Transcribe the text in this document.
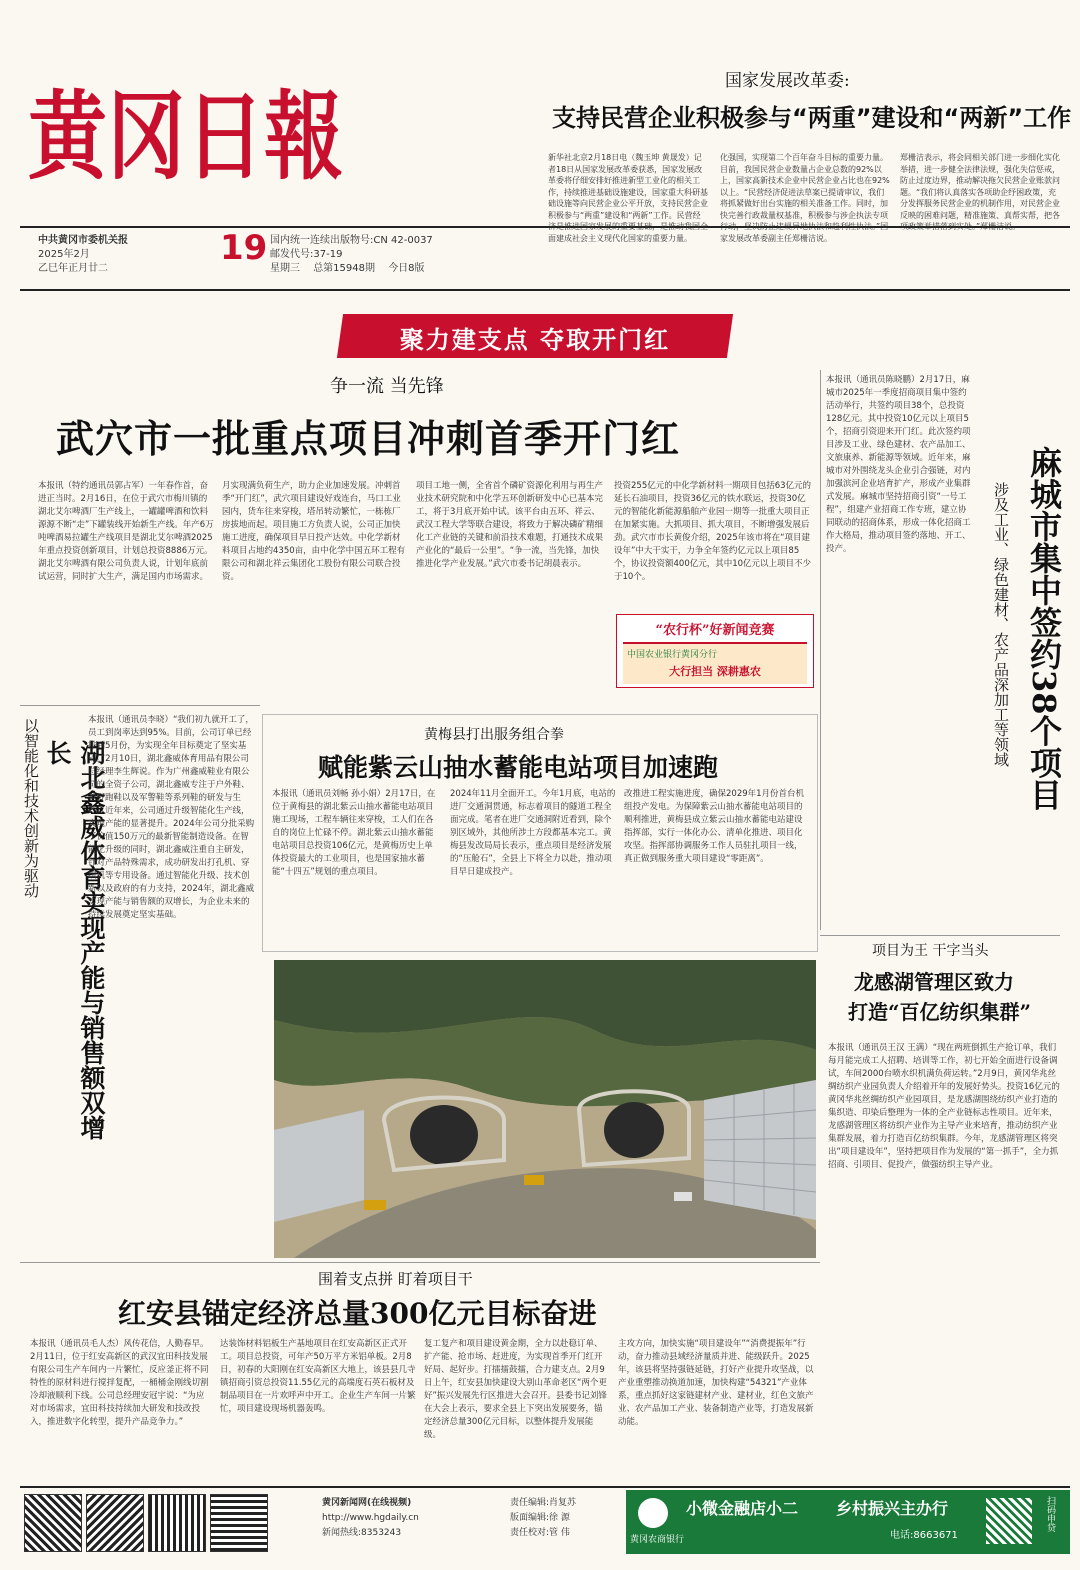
黄冈日報
中共黄冈市委机关报
2025年2月
乙巳年正月廿二
19 国内统一连续出版物号:CN 42-0037
邮发代号:37-19
星期三 总第15948期 今日8版
国家发展改革委:
支持民营企业积极参与“两重”建设和“两新”工作
新华社北京2月18日电（魏玉坤 黄晟发）记者18日从国家发展改革委获悉，国家发展改革委将仔细安排好推进新型工业化的相关工作，持续推进基础设施建设，国家重大科研基础设施等向民营企业公平开放，支持民营企业积极参与“两重”建设和“两新”工作。民营经济是推进国家发展的重要基础，是推动我国全面建成社会主义现代化国家的重要力量。
化强国，实现第二个百年奋斗目标的重要力量。目前，我国民营企业数量占企业总数的92%以上，国家高新技术企业中民营企业占比也在92%以上。“民营经济促进法草案已提请审议，我们将抓紧做好出台实施的相关准备工作。同时，加快完善行政裁量权基准，积极参与涉企执法专项行动，坚决防止违规异地执法和趋利性执法。”国家发展改革委副主任郑栅洁说。
郑栅洁表示，将会同相关部门进一步细化实化举措，进一步健全法律法规，强化失信惩戒，防止过度边界，推动解决拖欠民营企业账款问题。“我们将认真落实各项助企纾困政策，充分发挥服务民营企业的机制作用，对民营企业反映的困难问题，精准施策、真帮实帮，把各项政策举措落到实处。”郑栅洁说。
聚力建支点 夺取开门红
争一流 当先锋
武穴市一批重点项目冲刺首季开门红
本报讯（特约通讯员郭占军）一年春作首，奋进正当时。2月16日，在位于武穴市梅川镇的湖北艾尔啤酒厂生产线上，一罐罐啤酒和饮料源源不断“走”下罐装线开始新生产线。年产6万吨啤酒易拉罐生产线项目是湖北艾尔啤酒2025年重点投资创新项目，计划总投资8886万元。湖北艾尔啤酒有限公司负责人说，计划年底前试运营，同时扩大生产，满足国内市场需求。
月实现满负荷生产，助力企业加速发展。冲刺首季“开门红”，武穴项目建设好戏连台，马口工业园内，货车往来穿梭，塔吊转动繁忙，一栋栋厂房拔地而起。项目施工方负责人说，公司正加快施工进度，确保项目早日投产达效。中化学新材料项目占地约4350亩，由中化学中国五环工程有限公司和湖北祥云集团化工股份有限公司联合投资。
项目工地一侧，全省首个磷矿资源化利用与再生产业技术研究院和中化学五环创新研发中心已基本完工，将于3月底开始中试。该平台由五环、祥云、武汉工程大学等联合建设，将致力于解决磷矿精细化工产业链的关键和前沿技术难题，打通技术成果产业化的“最后一公里”。“争一流，当先锋，加快推进化学产业发展。”武穴市委书记胡晨表示。
投资255亿元的中化学新材料一期项目包括63亿元的延长石油项目，投资36亿元的铁水联运，投资30亿元的智能化新能源船舶产业园一期等一批重大项目正在加紧实施。大抓项目、抓大项目，不断增强发展后劲。武穴市市长黄俊介绍，2025年该市将在“项目建设年”中大干实干，力争全年签约亿元以上项目85个，协议投资额400亿元，其中10亿元以上项目不少于10个。
“农行杯”好新闻竞赛
中国农业银行黄冈分行
大行担当 深耕惠农
本报讯（通讯员陈晓鹏）2月17日，麻城市2025年一季度招商项目集中签约活动举行，共签约项目38个，总投资128亿元。其中投资10亿元以上项目5个，招商引资迎来开门红。此次签约项目涉及工业、绿色建材、农产品加工、文旅康养、新能源等领域。近年来，麻城市对外围绕龙头企业引合强链，对内加强滨河企业培育扩产，形成产业集群式发展。麻城市坚持招商引资“一号工程”，组建产业招商工作专班，建立协同联动的招商体系，形成一体化招商工作大格局，推动项目签约落地、开工、投产。	麻城市集中签约38个项目
涉及工业、绿色建材、农产品深加工等领域
以智能化和技术创新为驱动	湖北鑫威体育实现产能与销售额双增长
本报讯（通讯员李晓）“我们初九就开工了，员工到岗率达到95%。目前，公司订单已经排到5月份，为实现全年目标奠定了坚实基础。”2月10日，湖北鑫威体育用品有限公司总经理李生辉说。作为广州鑫威鞋业有限公司的全资子公司，湖北鑫威专注于户外鞋、越野跑鞋以及军警鞋等系列鞋的研发与生产。近年来，公司通过升级智能化生产线，实现产能的显著提升。2024年公司分批采购了价值150万元的最新智能制造设备。在智能化升级的同时，湖北鑫威注重自主研发，针对产品特殊需求，成功研发出打孔机、穿织机等专用设备。通过智能化升级、技术创新以及政府的有力支持，2024年，湖北鑫威实现产能与销售额的双增长，为企业未来的持续发展奠定坚实基础。
黄梅县打出服务组合拳
赋能紫云山抽水蓄能电站项目加速跑
本报讯（通讯员刘畅 孙小娟）2月17日，在位于黄梅县的湖北紫云山抽水蓄能电站项目施工现场，工程车辆往来穿梭，工人们在各自的岗位上忙碌不停。湖北紫云山抽水蓄能电站项目总投资106亿元，是黄梅历史上单体投资最大的工业项目，也是国家抽水蓄能“十四五”规划的重点项目。
2024年11月全面开工。今年1月底，电站的进厂交通洞贯通，标志着项目的隧道工程全面完成。笔者在进厂交通洞附近看到，除个别区域外，其他所涉土方段都基本完工。黄梅县发改局局长表示，重点项目是经济发展的“压舱石”，全县上下将全力以赴，推动项目早日建成投产。
改推进工程实施进度，确保2029年1月份首台机组投产发电。为保障紫云山抽水蓄能电站项目的顺利推进，黄梅县成立紫云山抽水蓄能电站建设指挥部，实行一体化办公、清单化推进、项目化攻坚。指挥部协调服务工作人员驻扎项目一线，真正做到服务重大项目建设“零距离”。
项目为王 干字当头
龙感湖管理区致力
打造“百亿纺织集群”
本报讯（通讯员王汉 王满）“现在两班倒抓生产抢订单，我们每月能完成工人招聘、培训等工作，初七开始全面进行设备调试，车间2000台喷水织机满负荷运转。”2月9日，黄冈华兆丝绸纺织产业园负责人介绍着开年的发展好势头。投资16亿元的黄冈华兆丝绸纺织产业园项目，是龙感湖围绕纺织产业打造的集织造、印染后整理为一体的全产业链标志性项目。近年来，龙感湖管理区将纺织产业作为主导产业来培育，推动纺织产业集群发展，着力打造百亿纺织集群。今年，龙感湖管理区将突出“项目建设年”，坚持把项目作为发展的“第一抓手”，全力抓招商、引项目、促投产，做强纺织主导产业。
围着支点拼 盯着项目干
红安县锚定经济总量300亿元目标奋进
本报讯（通讯员毛人杰）风传花信，人勤春早。2月11日，位于红安高新区的武汉宜田科技发展有限公司生产车间内一片繁忙，反应釜正将不同特性的原材料进行搅拌复配，一桶桶金刚线切割冷却液顺利下线。公司总经理安冠宇说：“为应对市场需求，宜田科技持续加大研发和技改投入，推进数字化转型，提升产品竞争力。”
达装饰材料铝板生产基地项目在红安高新区正式开工。项目总投资，可年产50万平方米铝单板。2月8日，初春的大阳刚在红安高新区大地上，该县县几寺镇招商引资总投资11.55亿元的高端度石英石板材及制品项目在一片欢呼声中开工。企业生产车间一片繁忙，项目建设现场机器轰鸣。
复工复产和项目建设黄金期，全力以赴稳订单、扩产能、抢市场、赶进度，为实现首季开门红开好局、起好步。打擂擂鼓擂，合力建支点。2月9日上午，红安县加快建设大别山革命老区“两个更好”振兴发展先行区推进大会召开。县委书记刘锋在大会上表示，要求全县上下突出发展要务，锚定经济总量300亿元目标，以整体提升发展能级。
主攻方向，加快实施“项目建设年”“消费提振年”行动，奋力推动县域经济量质并进、能级跃升。2025年，该县将坚持强链延链，打好产业提升攻坚战，以产业重塑推动换道加速，加快构建“54321”产业体系，重点抓好这家链建材产业、建材业，红色文旅产业、农产品加工产业、装备制造产业等，打造发展新动能。
黄冈新闻网(在线视频)
http://www.hgdaily.cn
新闻热线:8353243
责任编辑:肖复苏
版面编辑:徐 源
责任校对:管 伟
黄冈农商银行
小微金融店小二 乡村振兴主办行
电话:8663671
扫码申贷
